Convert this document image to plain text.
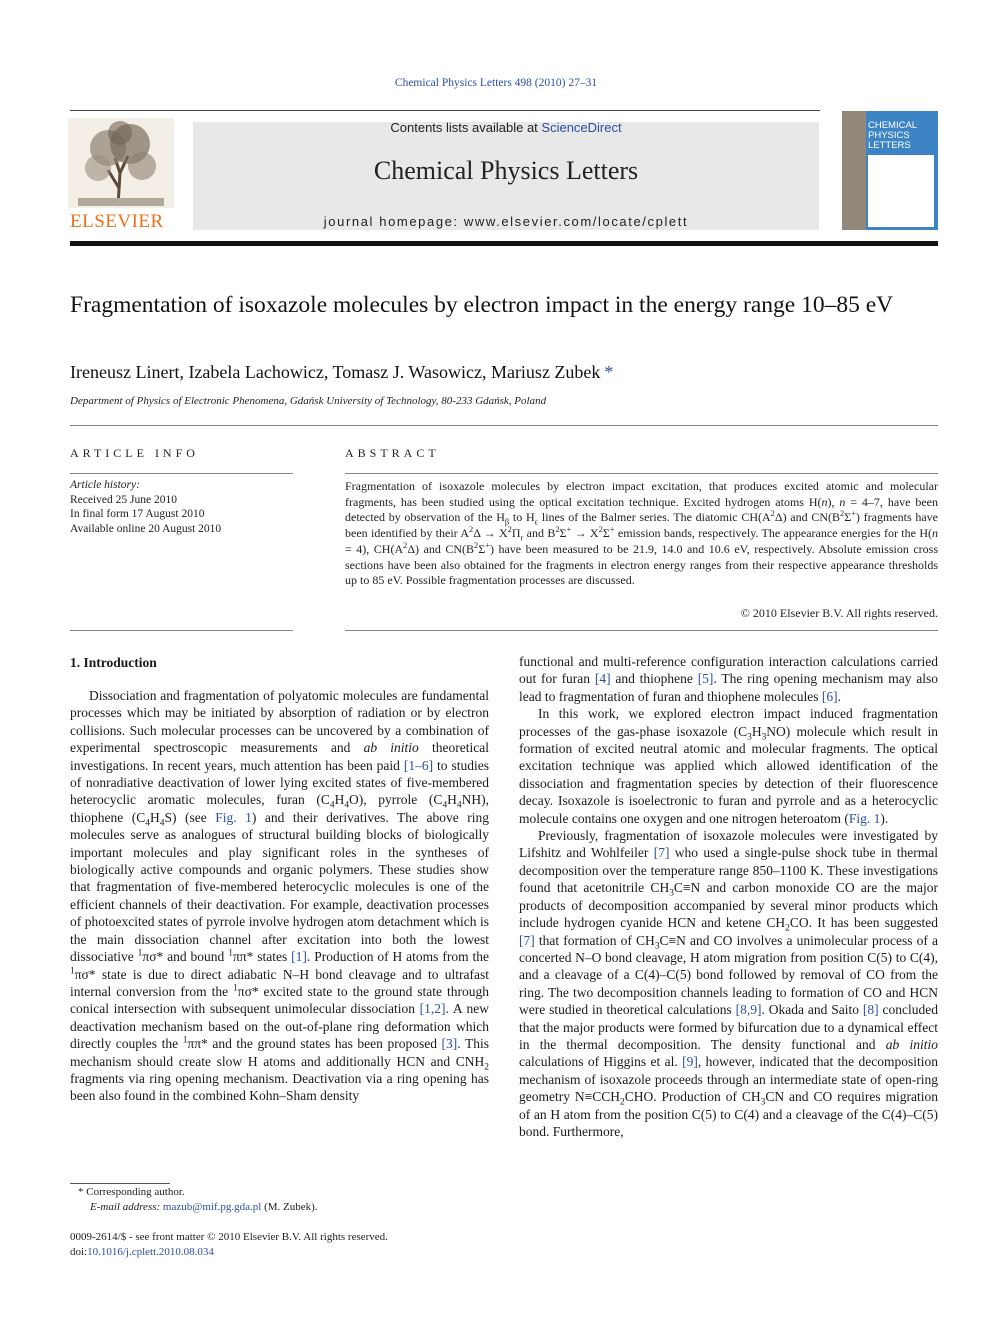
Chemical Physics Letters 498 (2010) 27–31
ELSEVIER
Contents lists available at ScienceDirect
Chemical Physics Letters
journal homepage: www.elsevier.com/locate/cplett
CHEMICAL
PHYSICS
LETTERS
Fragmentation of isoxazole molecules by electron impact in the energy range 10–85 eV
Ireneusz Linert, Izabela Lachowicz, Tomasz J. Wasowicz, Mariusz Zubek *
Department of Physics of Electronic Phenomena, Gdańsk University of Technology, 80-233 Gdańsk, Poland
ARTICLE INFO	ABSTRACT
Article history:
Received 25 June 2010
In final form 17 August 2010
Available online 20 August 2010
Fragmentation of isoxazole molecules by electron impact excitation, that produces excited atomic and molecular fragments, has been studied using the optical excitation technique. Excited hydrogen atoms H(n), n = 4–7, have been detected by observation of the $H_\beta$ to $H_\varepsilon$ lines of the Balmer series. The diatomic $CH(A^2\Delta)$ and $CN(B^2\Sigma^+)$ fragments have been identified by their $A^2\Delta \to X^2\Pi_r$ and $B^2\Sigma^+ \to X^2\Sigma^+$ emission bands, respectively. The appearance energies for the H(n = 4), $CH(A^2\Delta)$ and $CN(B^2\Sigma^+)$ have been measured to be 21.9, 14.0 and 10.6 eV, respectively. Absolute emission cross sections have been also obtained for the fragments in electron energy ranges from their respective appearance thresholds up to 85 eV. Possible fragmentation processes are discussed.
© 2010 Elsevier B.V. All rights reserved.
1. Introduction

Dissociation and fragmentation of polyatomic molecules are fundamental processes which may be initiated by absorption of radiation or by electron collisions. Such molecular processes can be uncovered by a combination of experimental spectroscopic measurements and ab initio theoretical investigations. In recent years, much attention has been paid [1–6] to studies of nonradiative deactivation of lower lying excited states of five-membered heterocyclic aromatic molecules, furan $(C_4H_4O)$, pyrrole $(C_4H_4NH)$, thiophene $(C_4H_4S)$ (see Fig. 1) and their derivatives. The above ring molecules serve as analogues of structural building blocks of biologically important molecules and play significant roles in the syntheses of biologically active compounds and organic polymers. These studies show that fragmentation of five-membered heterocyclic molecules is one of the efficient channels of their deactivation. For example, deactivation processes of photoexcited states of pyrrole involve hydrogen atom detachment which is the main dissociation channel after excitation into both the lowest dissociative $^1$πσ* and bound $^1$ππ* states [1]. Production of H atoms from the $^1$πσ* state is due to direct adiabatic N–H bond cleavage and to ultrafast internal conversion from the $^1$πσ* excited state to the ground state through conical intersection with subsequent unimolecular dissociation [1,2]. A new deactivation mechanism based on the out-of-plane ring deformation which directly couples the $^1$ππ* and the ground states has been proposed [3]. This mechanism should create slow H atoms and additionally HCN and $CNH_2$ fragments via ring opening mechanism. Deactivation via a ring opening has been also found in the combined Kohn–Sham density

functional and multi-reference configuration interaction calculations carried out for furan [4] and thiophene [5]. The ring opening mechanism may also lead to fragmentation of furan and thiophene molecules [6].

In this work, we explored electron impact induced fragmentation processes of the gas-phase isoxazole $(C_3H_3NO)$ molecule which result in formation of excited neutral atomic and molecular fragments. The optical excitation technique was applied which allowed identification of the dissociation and fragmentation species by detection of their fluorescence decay. Isoxazole is isoelectronic to furan and pyrrole and as a heterocyclic molecule contains one oxygen and one nitrogen heteroatom (Fig. 1).

Previously, fragmentation of isoxazole molecules were investigated by Lifshitz and Wohlfeiler [7] who used a single-pulse shock tube in thermal decomposition over the temperature range 850–1100 K. These investigations found that acetonitrile $CH_3C\equiv N$ and carbon monoxide CO are the major products of decomposition accompanied by several minor products which include hydrogen cyanide HCN and ketene $CH_2CO$. It has been suggested [7] that formation of $CH_3C\equiv N$ and CO involves a unimolecular process of a concerted N–O bond cleavage, H atom migration from position C(5) to C(4), and a cleavage of a C(4)–C(5) bond followed by removal of CO from the ring. The two decomposition channels leading to formation of CO and HCN were studied in theoretical calculations [8,9]. Okada and Saito [8] concluded that the major products were formed by bifurcation due to a dynamical effect in the thermal decomposition. The density functional and ab initio calculations of Higgins et al. [9], however, indicated that the decomposition mechanism of isoxazole proceeds through an intermediate state of open-ring geometry $N\equiv CCH_2CHO$. Production of $CH_3CN$ and CO requires migration of an H atom from the position C(5) to C(4) and a cleavage of the C(4)–C(5) bond. Furthermore,

* Corresponding author.
E-mail address: mazub@mif.pg.gda.pl (M. Zubek).
0009-2614/$ - see front matter © 2010 Elsevier B.V. All rights reserved.
doi:10.1016/j.cplett.2010.08.034
